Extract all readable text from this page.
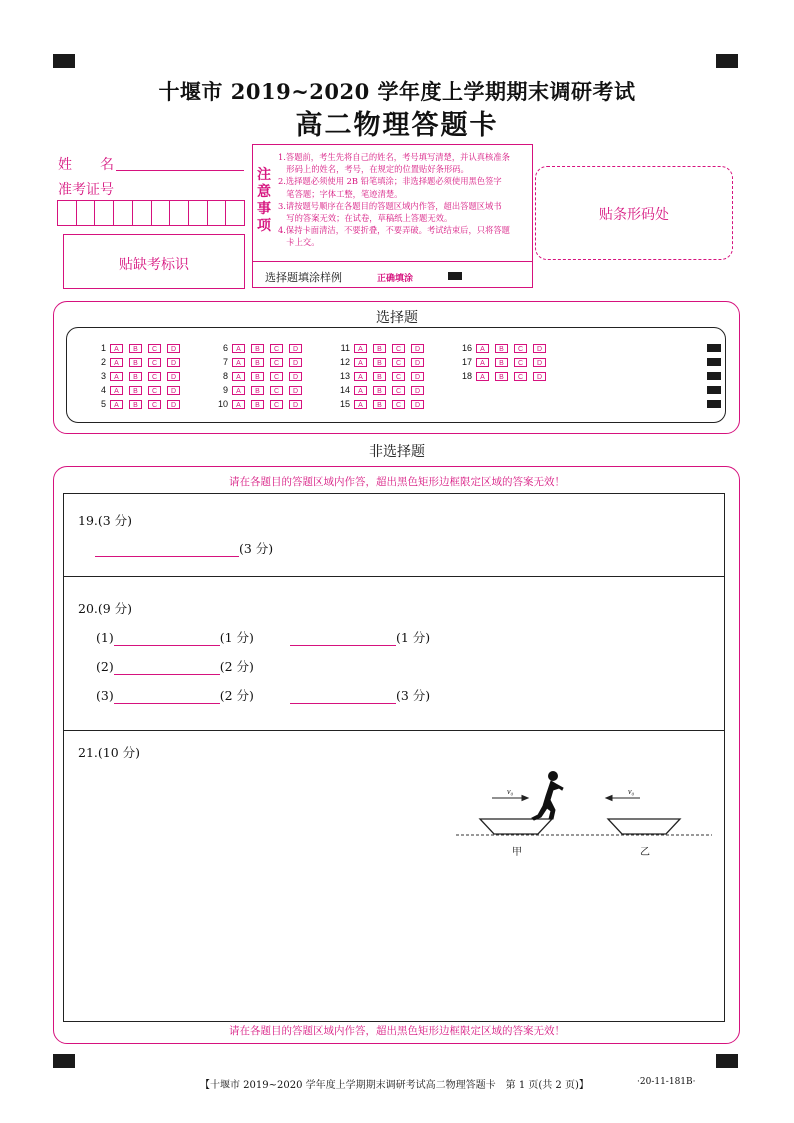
十堰市 2019~2020 学年度上学期期末调研考试
高二物理答题卡
姓　　名
准考证号
贴缺考标识
注
意
事
项
1.答题前，考生先将自己的姓名，考号填写清楚，并认真核准条
　形码上的姓名，考号，在规定的位置贴好条形码。
2.选择题必须使用 2B 铅笔填涂；非选择题必须使用黑色签字
　笔答题；字体工整，笔迹清楚。
3.请按题号顺序在各题目的答题区域内作答，超出答题区域书
　写的答案无效；在试卷，草稿纸上答题无效。
4.保持卡面清洁，不要折叠，不要弄破。考试结束后，只将答题
　卡上交。
选择题填涂样例	正确填涂
贴条形码处
选择题
1	A	B	C	D
2	A	B	C	D
3	A	B	C	D
4	A	B	C	D
5	A	B	C	D
6	A	B	C	D
7	A	B	C	D
8	A	B	C	D
9	A	B	C	D
10	A	B	C	D
11	A	B	C	D
12	A	B	C	D
13	A	B	C	D
14	A	B	C	D
15	A	B	C	D
16	A	B	C	D
17	A	B	C	D
18	A	B	C	D
非选择题
请在各题目的答题区域内作答，超出黑色矩形边框限定区域的答案无效！
请在各题目的答题区域内作答，超出黑色矩形边框限定区域的答案无效！
19.(3 分)
(3 分)
20.(9 分)
(1)	(1 分)	(1 分)
(2)	(2 分)
(3)	(2 分)	(3 分)
21.(10 分)
v₀	v₀
甲	乙
【十堰市 2019~2020 学年度上学期期末调研考试高二物理答题卡　第 1 页(共 2 页)】	·20-11-181B·
